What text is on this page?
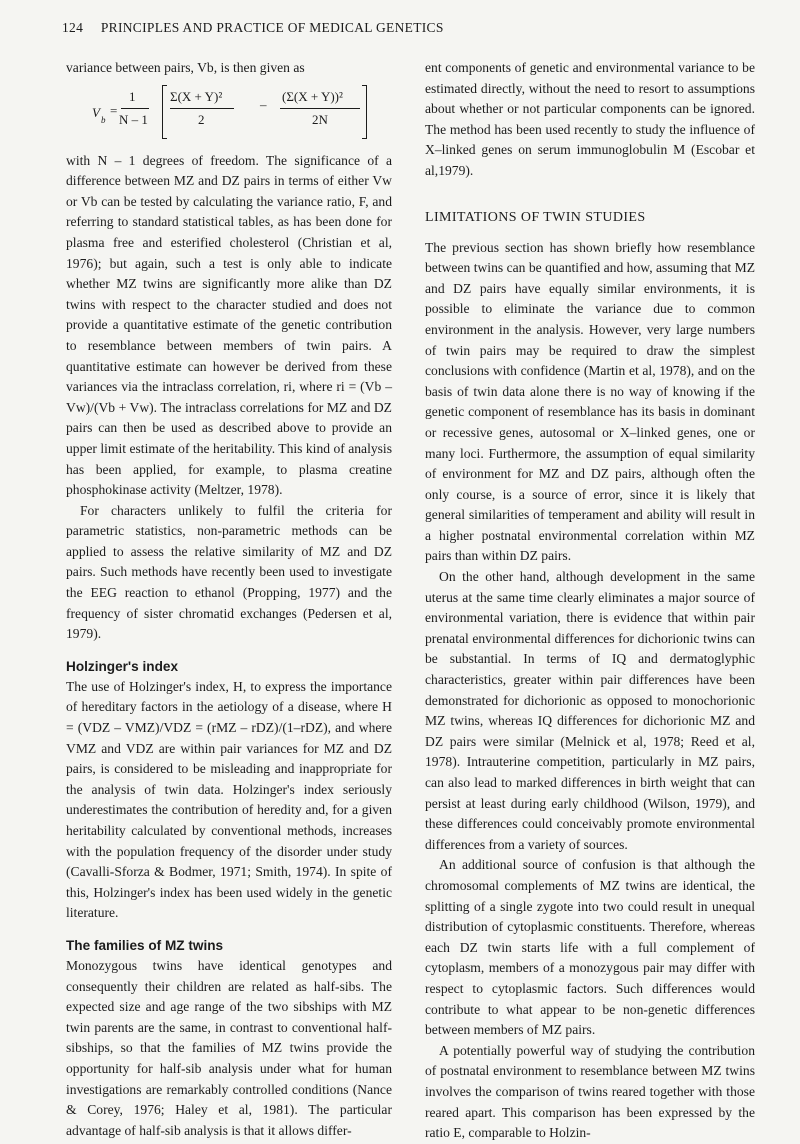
124 PRINCIPLES AND PRACTICE OF MEDICAL GENETICS

variance between pairs, Vb, is then given as

V b
=
1
N – 1
Σ(X + Y)²
2
–
(Σ(X + Y))²
2N

with N – 1 degrees of freedom. The significance of a difference between MZ and DZ pairs in terms of either Vw or Vb can be tested by calculating the variance ratio, F, and referring to standard statistical tables, as has been done for plasma free and esterified cholesterol (Christian et al, 1976); but again, such a test is only able to indicate whether MZ twins are significantly more alike than DZ twins with respect to the character studied and does not provide a quantitative estimate of the genetic contribution to resemblance between members of twin pairs. A quantitative estimate can however be derived from these variances via the intraclass correlation, ri, where ri = (Vb – Vw)/(Vb + Vw). The intraclass correlations for MZ and DZ pairs can then be used as described above to provide an upper limit estimate of the heritability. This kind of analysis has been applied, for example, to plasma creatine phosphokinase activity (Meltzer, 1978).

For characters unlikely to fulfil the criteria for parametric statistics, non-parametric methods can be applied to assess the relative similarity of MZ and DZ pairs. Such methods have recently been used to investigate the EEG reaction to ethanol (Propping, 1977) and the frequency of sister chromatid exchanges (Pedersen et al, 1979).

Holzinger's index

The use of Holzinger's index, H, to express the importance of hereditary factors in the aetiology of a disease, where H = (VDZ – VMZ)/VDZ = (rMZ – rDZ)/(1–rDZ), and where VMZ and VDZ are within pair variances for MZ and DZ pairs, is considered to be misleading and inappropriate for the analysis of twin data. Holzinger's index seriously underestimates the contribution of heredity and, for a given heritability calculated by conventional methods, increases with the population frequency of the disorder under study (Cavalli-Sforza & Bodmer, 1971; Smith, 1974). In spite of this, Holzinger's index has been used widely in the genetic literature.

The families of MZ twins

Monozygous twins have identical genotypes and consequently their children are related as half-sibs. The expected size and age range of the two sibships with MZ twin parents are the same, in contrast to conventional half-sibships, so that the families of MZ twins provide the opportunity for half-sib analysis under what for human investigations are remarkably controlled conditions (Nance & Corey, 1976; Haley et al, 1981). The particular advantage of half-sib analysis is that it allows differ-

ent components of genetic and environmental variance to be estimated directly, without the need to resort to assumptions about whether or not particular components can be ignored. The method has been used recently to study the influence of X–linked genes on serum immunoglobulin M (Escobar et al,1979).

LIMITATIONS OF TWIN STUDIES

The previous section has shown briefly how resemblance between twins can be quantified and how, assuming that MZ and DZ pairs have equally similar environments, it is possible to eliminate the variance due to common environment in the analysis. However, very large numbers of twin pairs may be required to draw the simplest conclusions with confidence (Martin et al, 1978), and on the basis of twin data alone there is no way of knowing if the genetic component of resemblance has its basis in dominant or recessive genes, autosomal or X–linked genes, one or many loci. Furthermore, the assumption of equal similarity of environment for MZ and DZ pairs, although often the only course, is a source of error, since it is likely that general similarities of temperament and ability will result in a higher postnatal environmental correlation within MZ pairs than within DZ pairs.

On the other hand, although development in the same uterus at the same time clearly eliminates a major source of environmental variation, there is evidence that within pair prenatal environmental differences for dichorionic twins can be substantial. In terms of IQ and dermatoglyphic characteristics, greater within pair differences have been demonstrated for dichorionic as opposed to monochorionic MZ twins, whereas IQ differences for dichorionic MZ and DZ pairs were similar (Melnick et al, 1978; Reed et al, 1978). Intrauterine competition, particularly in MZ pairs, can also lead to marked differences in birth weight that can persist at least during early childhood (Wilson, 1979), and these differences could conceivably promote environmental differences from a variety of sources.

An additional source of confusion is that although the chromosomal complements of MZ twins are identical, the splitting of a single zygote into two could result in unequal distribution of cytoplasmic constituents. Therefore, whereas each DZ twin starts life with a full complement of cytoplasm, members of a monozygous pair may differ with respect to cytoplasmic factors. Such differences would contribute to what appear to be non-genetic differences between members of MZ pairs.

A potentially powerful way of studying the contribution of postnatal environment to resemblance between MZ twins involves the comparison of twins reared together with those reared apart. This comparison has been expressed by the ratio E, comparable to Holzin-
